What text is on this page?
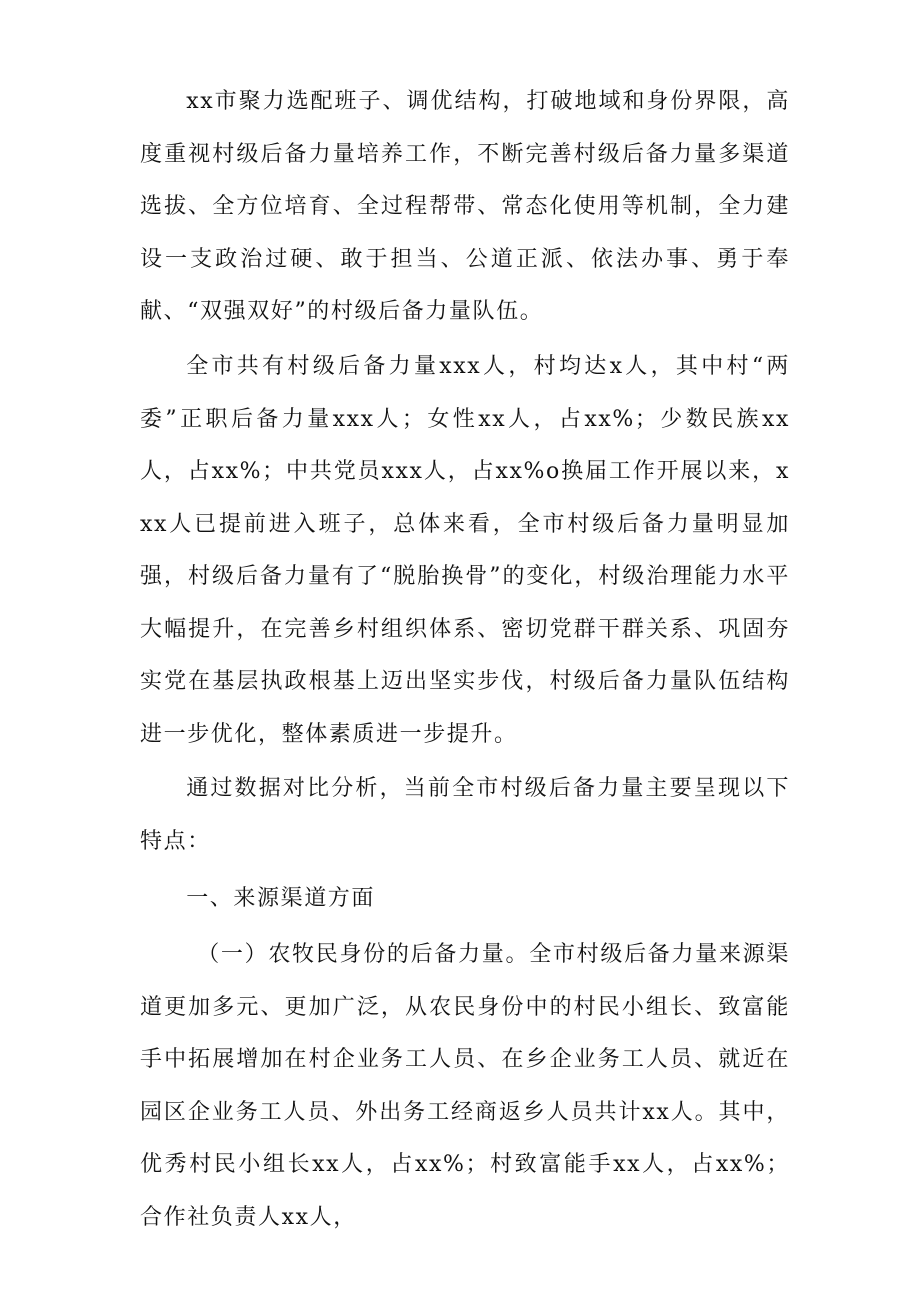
xx市聚力选配班子、调优结构，打破地域和身份界限，高度重视村级后备力量培养工作，不断完善村级后备力量多渠道选拔、全方位培育、全过程帮带、常态化使用等机制，全力建设一支政治过硬、敢于担当、公道正派、依法办事、勇于奉献、“双强双好”的村级后备力量队伍。

全市共有村级后备力量xxx人，村均达x人，其中村“两委”正职后备力量xxx人；女性xx人，占xx%；少数民族xx人，占xx%；中共党员xxx人，占xx%o换届工作开展以来，xxx人已提前进入班子，总体来看，全市村级后备力量明显加强，村级后备力量有了“脱胎换骨”的变化，村级治理能力水平大幅提升，在完善乡村组织体系、密切党群干群关系、巩固夯实党在基层执政根基上迈出坚实步伐，村级后备力量队伍结构进一步优化，整体素质进一步提升。

通过数据对比分析，当前全市村级后备力量主要呈现以下特点：

一、来源渠道方面

（一）农牧民身份的后备力量。全市村级后备力量来源渠道更加多元、更加广泛，从农民身份中的村民小组长、致富能手中拓展增加在村企业务工人员、在乡企业务工人员、就近在园区企业务工人员、外出务工经商返乡人员共计xx人。其中，优秀村民小组长xx人，占xx%；村致富能手xx人，占xx%；合作社负责人xx人，
